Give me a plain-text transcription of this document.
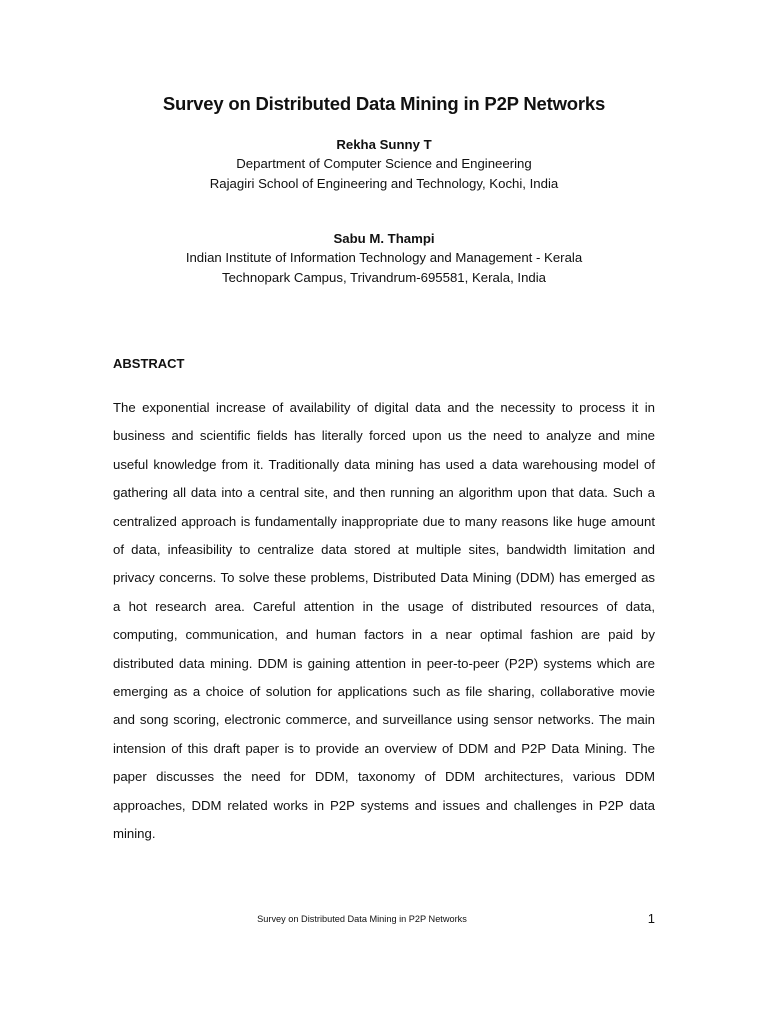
Survey on Distributed Data Mining in P2P Networks
Rekha Sunny T
Department of Computer Science and Engineering
Rajagiri School of Engineering and Technology, Kochi, India
Sabu M. Thampi
Indian Institute of Information Technology and Management - Kerala
Technopark Campus, Trivandrum-695581, Kerala, India
ABSTRACT

The exponential increase of availability of digital data and the necessity to process it in business and scientific fields has literally forced upon us the need to analyze and mine useful knowledge from it. Traditionally data mining has used a data warehousing model of gathering all data into a central site, and then running an algorithm upon that data. Such a centralized approach is fundamentally inappropriate due to many reasons like huge amount of data, infeasibility to centralize data stored at multiple sites, bandwidth limitation and privacy concerns. To solve these problems, Distributed Data Mining (DDM) has emerged as a hot research area. Careful attention in the usage of distributed resources of data, computing, communication, and human factors in a near optimal fashion are paid by distributed data mining. DDM is gaining attention in peer-to-peer (P2P) systems which are emerging as a choice of solution for applications such as file sharing, collaborative movie and song scoring, electronic commerce, and surveillance using sensor networks. The main intension of this draft paper is to provide an overview of DDM and P2P Data Mining. The paper discusses the need for DDM, taxonomy of DDM architectures, various DDM approaches, DDM related works in P2P systems and issues and challenges in P2P data mining.

Survey on Distributed Data Mining in P2P Networks	1
